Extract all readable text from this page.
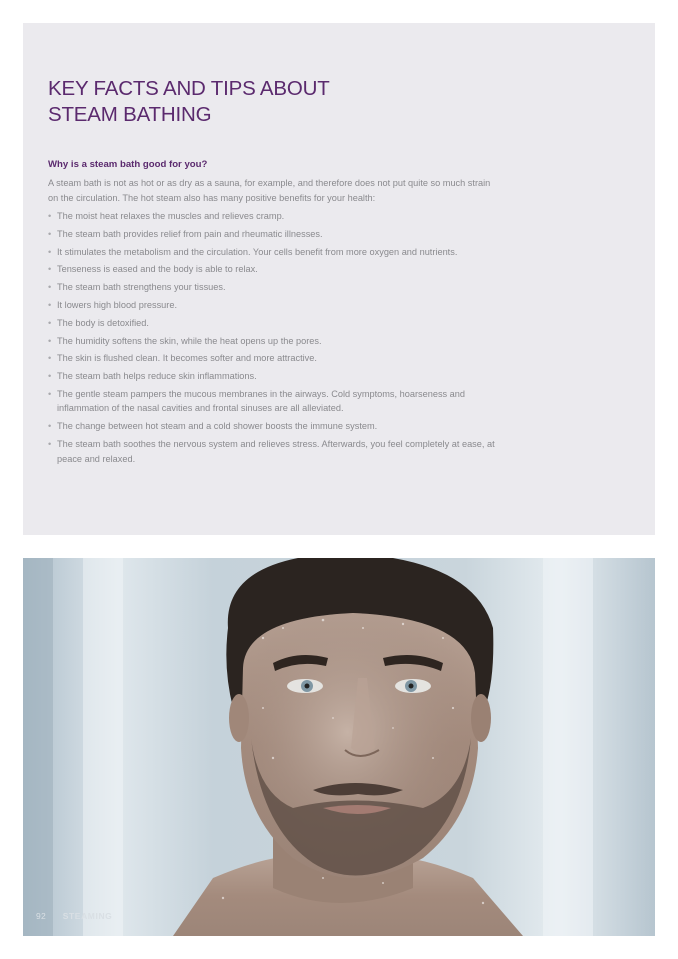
KEY FACTS AND TIPS ABOUT
STEAM BATHING
Why is a steam bath good for you?

A steam bath is not as hot or as dry as a sauna, for example, and therefore does not put quite so much strain on the circulation. The hot steam also has many positive benefits for your health:

• The moist heat relaxes the muscles and relieves cramp.
• The steam bath provides relief from pain and rheumatic illnesses.
• It stimulates the metabolism and the circulation. Your cells benefit from more oxygen and nutrients.
• Tenseness is eased and the body is able to relax.
• The steam bath strengthens your tissues.
• It lowers high blood pressure.
• The body is detoxified.
• The humidity softens the skin, while the heat opens up the pores.
• The skin is flushed clean. It becomes softer and more attractive.
• The steam bath helps reduce skin inflammations.
• The gentle steam pampers the mucous membranes in the airways. Cold symptoms, hoarseness and inflammation of the nasal cavities and frontal sinuses are all alleviated.
• The change between hot steam and a cold shower boosts the immune system.
• The steam bath soothes the nervous system and relieves stress. Afterwards, you feel completely at ease, at peace and relaxed.
92 STEAMING
